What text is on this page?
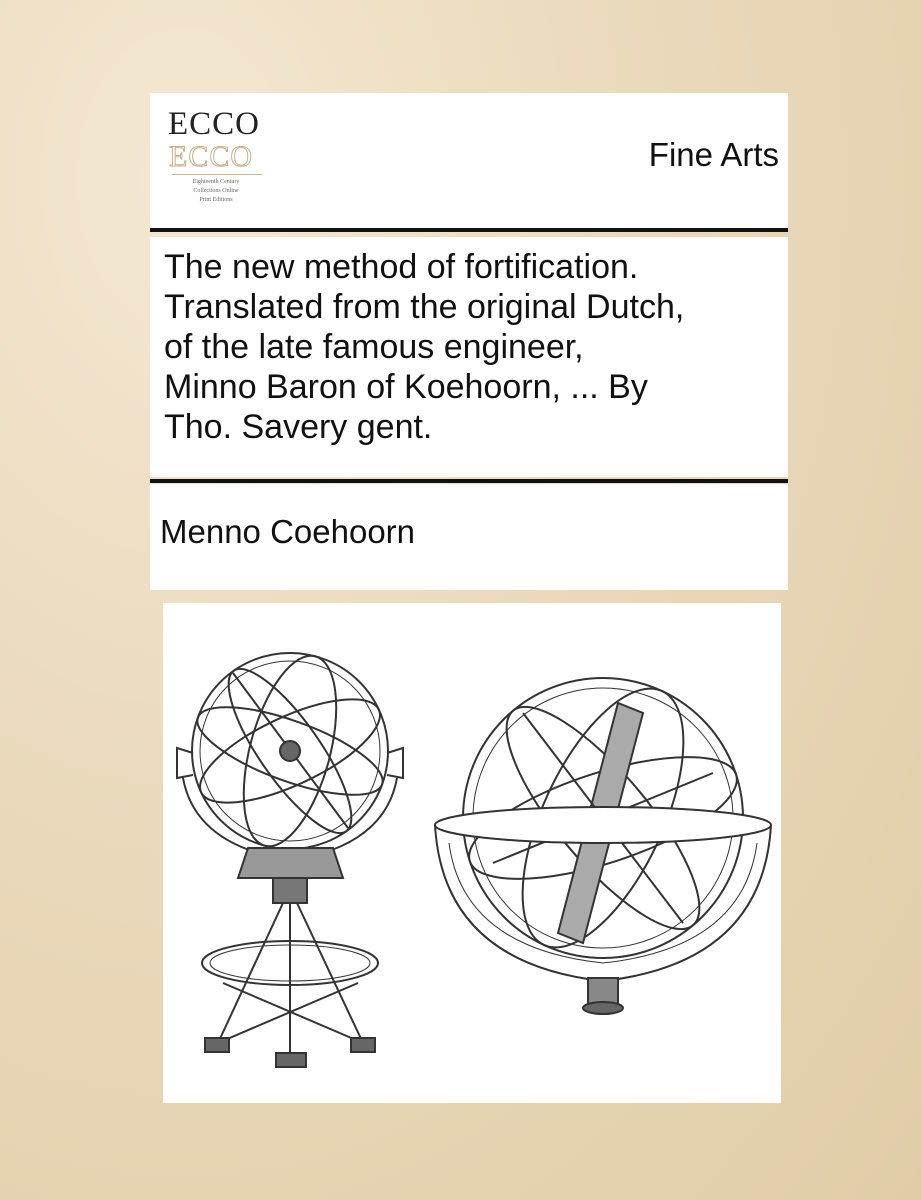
ECCO
ECCO
Eighteenth Century
Collections Online
Print Editions
Fine Arts
The new method of fortification.
Translated from the original Dutch,
of the late famous engineer,
Minno Baron of Koehoorn, ... By
Tho. Savery gent.
Menno Coehoorn
